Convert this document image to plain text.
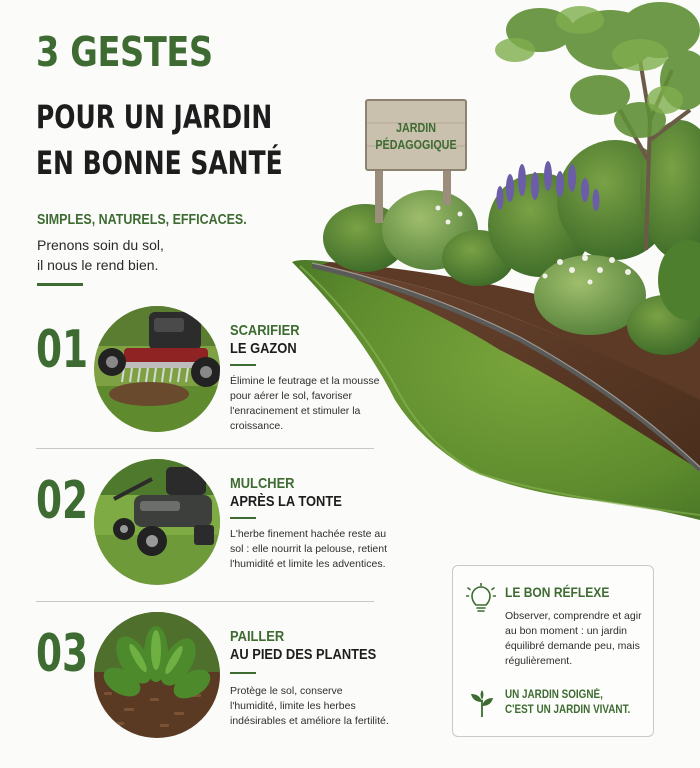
JARDIN
PÉDAGOGIQUE
3 GESTES
POUR UN JARDIN
EN BONNE SANTÉ
SIMPLES, NATURELS, EFFICACES.
Prenons soin du sol,
il nous le rend bien.
01	SCARIFIER
LE GAZON
Élimine le feutrage et la mousse pour aérer le sol, favoriser l'enracinement et stimuler la croissance.
02	MULCHER
APRÈS LA TONTE
L'herbe finement hachée reste au sol : elle nourrit la pelouse, retient l'humidité et limite les adventices.
03	PAILLER
AU PIED DES PLANTES
Protège le sol, conserve l'humidité, limite les herbes indésirables et améliore la fertilité.
LE BON RÉFLEXE
Observer, comprendre et agir au bon moment : un jardin équilibré demande peu, mais régulièrement.
UN JARDIN SOIGNÉ,
C'EST UN JARDIN VIVANT.
